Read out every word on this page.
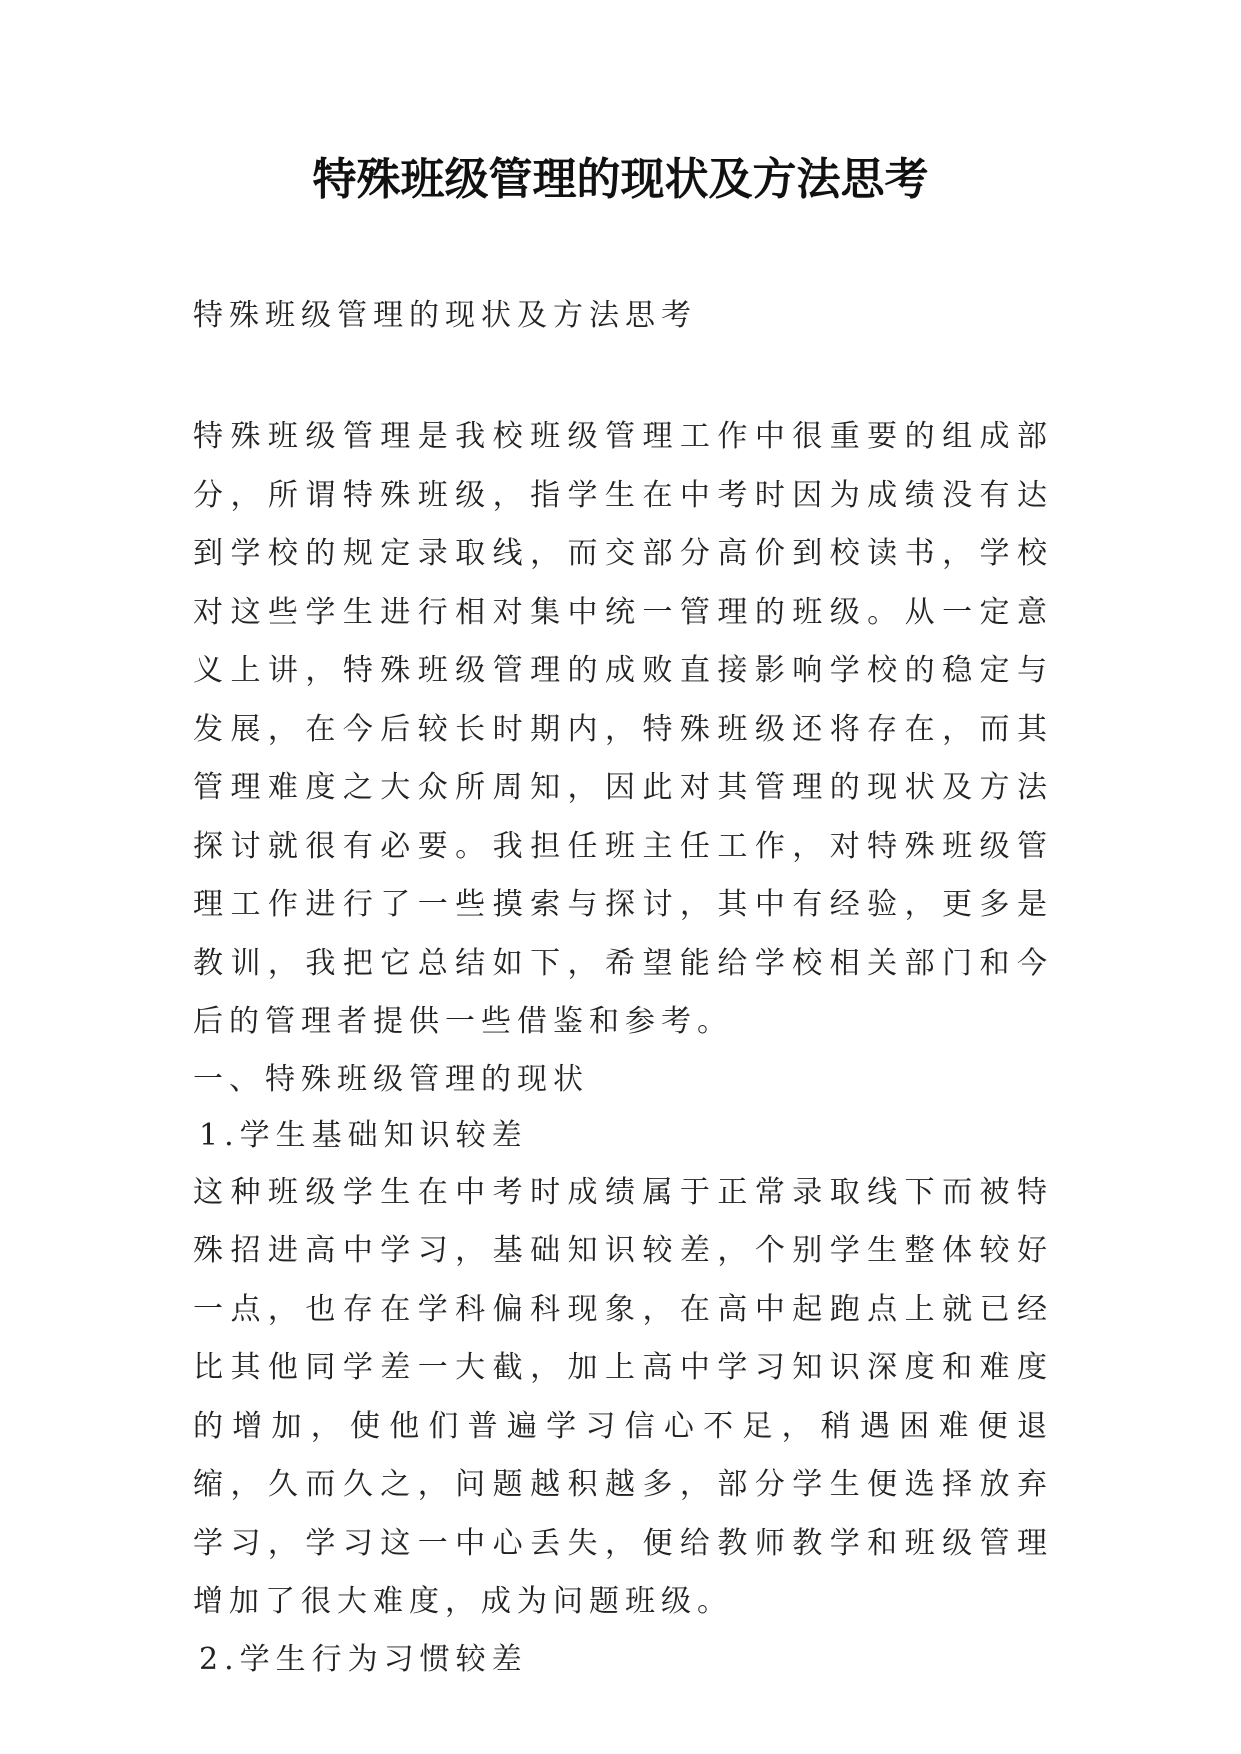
特殊班级管理的现状及方法思考
特殊班级管理的现状及方法思考

特殊班级管理是我校班级管理工作中很重要的组成部分，所谓特殊班级，指学生在中考时因为成绩没有达到学校的规定录取线，而交部分高价到校读书，学校对这些学生进行相对集中统一管理的班级。从一定意义上讲，特殊班级管理的成败直接影响学校的稳定与发展，在今后较长时期内，特殊班级还将存在，而其管理难度之大众所周知，因此对其管理的现状及方法探讨就很有必要。我担任班主任工作，对特殊班级管理工作进行了一些摸索与探讨，其中有经验，更多是教训，我把它总结如下，希望能给学校相关部门和今后的管理者提供一些借鉴和参考。

一、特殊班级管理的现状

1.学生基础知识较差

这种班级学生在中考时成绩属于正常录取线下而被特殊招进高中学习，基础知识较差，个别学生整体较好一点，也存在学科偏科现象，在高中起跑点上就已经比其他同学差一大截，加上高中学习知识深度和难度的增加，使他们普遍学习信心不足，稍遇困难便退缩，久而久之，问题越积越多，部分学生便选择放弃学习，学习这一中心丢失，便给教师教学和班级管理增加了很大难度，成为问题班级。

2.学生行为习惯较差
